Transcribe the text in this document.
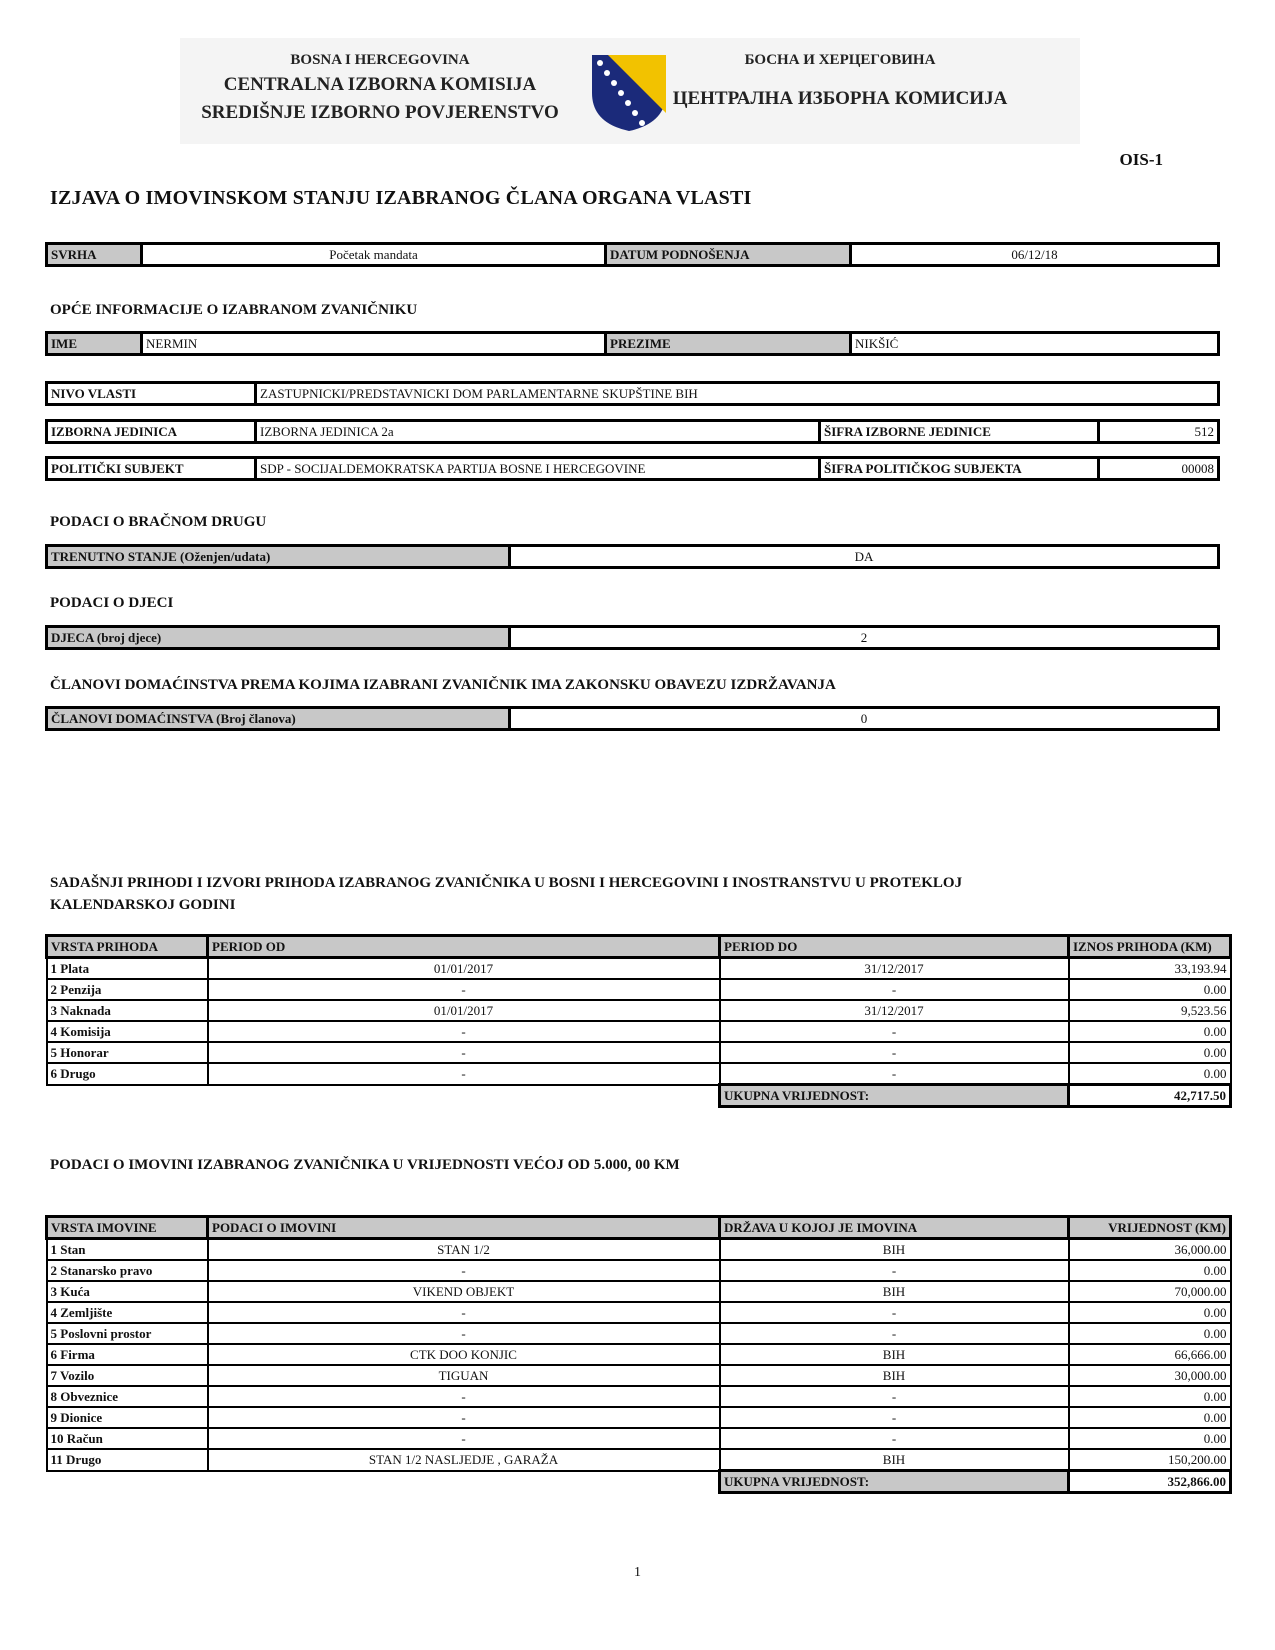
BOSNA I HERCEGOVINA
CENTRALNA IZBORNA KOMISIJA
SREDIŠNJE IZBORNO POVJERENSTVO
БОСНА И ХЕРЦЕГОВИНА
ЦЕНТРАЛНА ИЗБОРНА КОМИСИЈА
OIS-1
IZJAVA O IMOVINSKOM STANJU IZABRANOG ČLANA ORGANA VLASTI
SVRHA	Početak mandata	DATUM PODNOŠENJA	06/12/18
OPĆE INFORMACIJE O IZABRANOM ZVANIČNIKU
IME	NERMIN	PREZIME	NIKŠIĆ
NIVO VLASTI	ZASTUPNICKI/PREDSTAVNICKI DOM PARLAMENTARNE SKUPŠTINE BIH
IZBORNA JEDINICA	IZBORNA JEDINICA 2a	ŠIFRA IZBORNE JEDINICE	512
POLITIČKI SUBJEKT	SDP - SOCIJALDEMOKRATSKA PARTIJA BOSNE I HERCEGOVINE	ŠIFRA POLITIČKOG SUBJEKTA	00008
PODACI O BRAČNOM DRUGU
TRENUTNO STANJE (Oženjen/udata)	DA
PODACI O DJECI
DJECA (broj djece)	2
ČLANOVI DOMAĆINSTVA PREMA KOJIMA IZABRANI ZVANIČNIK IMA ZAKONSKU OBAVEZU IZDRŽAVANJA
ČLANOVI DOMAĆINSTVA (Broj članova)	0
SADAŠNJI PRIHODI I IZVORI PRIHODA IZABRANOG ZVANIČNIKA U BOSNI I HERCEGOVINI I INOSTRANSTVU U PROTEKLOJ
KALENDARSKOJ GODINI
VRSTA PRIHODA	PERIOD OD	PERIOD DO	IZNOS PRIHODA (KM)
1 Plata	01/01/2017	31/12/2017	33,193.94
2 Penzija	-	-	0.00
3 Naknada	01/01/2017	31/12/2017	9,523.56
4 Komisija	-	-	0.00
5 Honorar	-	-	0.00
6 Drugo	-	-	0.00
		UKUPNA VRIJEDNOST:	42,717.50
PODACI O IMOVINI IZABRANOG ZVANIČNIKA U VRIJEDNOSTI VEĆOJ OD 5.000, 00 KM
VRSTA IMOVINE	PODACI O IMOVINI	DRŽAVA U KOJOJ JE IMOVINA	VRIJEDNOST (KM)
1 Stan	STAN 1/2	BIH	36,000.00
2 Stanarsko pravo	-	-	0.00
3 Kuća	VIKEND OBJEKT	BIH	70,000.00
4 Zemljište	-	-	0.00
5 Poslovni prostor	-	-	0.00
6 Firma	CTK DOO KONJIC	BIH	66,666.00
7 Vozilo	TIGUAN	BIH	30,000.00
8 Obveznice	-	-	0.00
9 Dionice	-	-	0.00
10 Račun	-	-	0.00
11 Drugo	STAN 1/2 NASLJEDJE , GARAŽA	BIH	150,200.00
		UKUPNA VRIJEDNOST:	352,866.00
1
